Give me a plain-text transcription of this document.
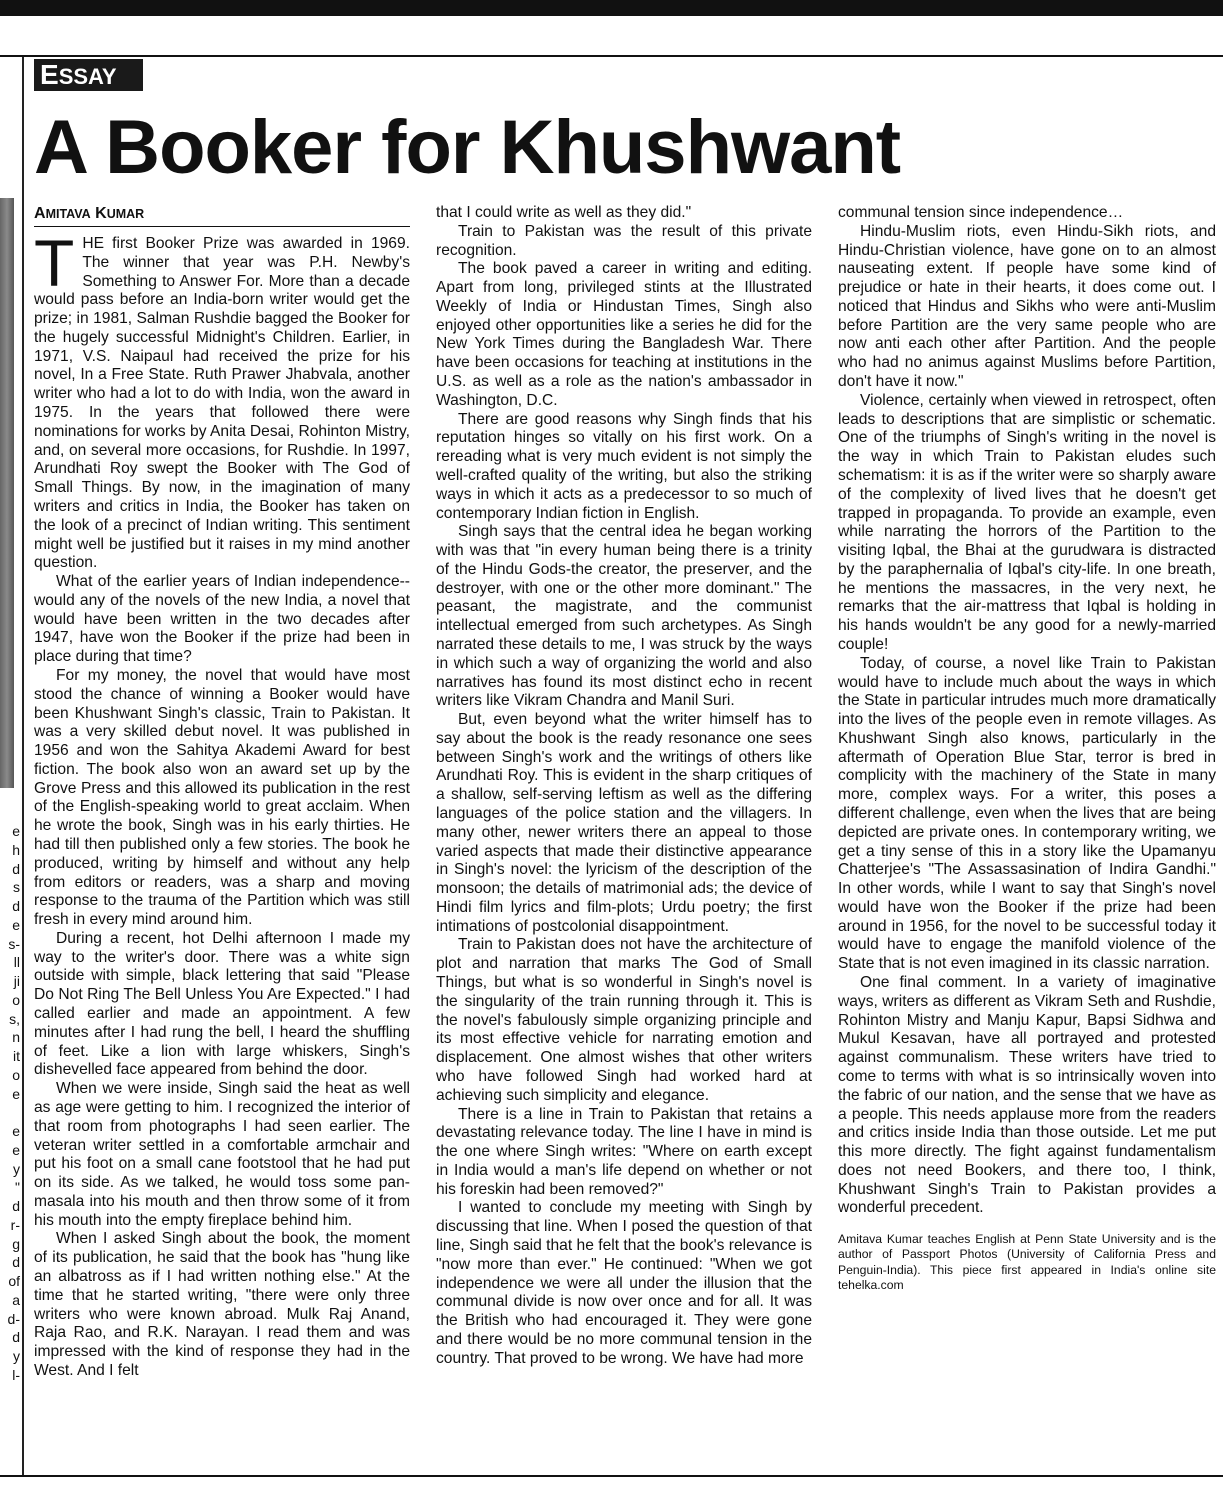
e
h
d
s
d
e
s-
ll
ji
o
s,
n
it
o
e
e
e
y
"
d
r-
g
d
of
a
d-
d
y
l-
ESSAY
A Booker for Khushwant
AMITAVA KUMAR

THE first Booker Prize was awarded in 1969. The winner that year was P.H. Newby's Something to Answer For. More than a decade would pass before an India-born writer would get the prize; in 1981, Salman Rushdie bagged the Booker for the hugely successful Midnight's Children. Earlier, in 1971, V.S. Naipaul had received the prize for his novel, In a Free State. Ruth Prawer Jhabvala, another writer who had a lot to do with India, won the award in 1975. In the years that followed there were nominations for works by Anita Desai, Rohinton Mistry, and, on several more occasions, for Rushdie. In 1997, Arundhati Roy swept the Booker with The God of Small Things. By now, in the imagination of many writers and critics in India, the Booker has taken on the look of a precinct of Indian writing. This sentiment might well be justified but it raises in my mind another question.

What of the earlier years of Indian independence--would any of the novels of the new India, a novel that would have been written in the two decades after 1947, have won the Booker if the prize had been in place during that time?

For my money, the novel that would have most stood the chance of winning a Booker would have been Khushwant Singh's classic, Train to Pakistan. It was a very skilled debut novel. It was published in 1956 and won the Sahitya Akademi Award for best fiction. The book also won an award set up by the Grove Press and this allowed its publication in the rest of the English-speaking world to great acclaim. When he wrote the book, Singh was in his early thirties. He had till then published only a few stories. The book he produced, writing by himself and without any help from editors or readers, was a sharp and moving response to the trauma of the Partition which was still fresh in every mind around him.

During a recent, hot Delhi afternoon I made my way to the writer's door. There was a white sign outside with simple, black lettering that said "Please Do Not Ring The Bell Unless You Are Expected." I had called earlier and made an appointment. A few minutes after I had rung the bell, I heard the shuffling of feet. Like a lion with large whiskers, Singh's dishevelled face appeared from behind the door.

When we were inside, Singh said the heat as well as age were getting to him. I recognized the interior of that room from photographs I had seen earlier. The veteran writer settled in a comfortable armchair and put his foot on a small cane footstool that he had put on its side. As we talked, he would toss some pan-masala into his mouth and then throw some of it from his mouth into the empty fireplace behind him.

When I asked Singh about the book, the moment of its publication, he said that the book has "hung like an albatross as if I had written nothing else." At the time that he started writing, "there were only three writers who were known abroad. Mulk Raj Anand, Raja Rao, and R.K. Narayan. I read them and was impressed with the kind of response they had in the West. And I felt

that I could write as well as they did."

Train to Pakistan was the result of this private recognition.

The book paved a career in writing and editing. Apart from long, privileged stints at the Illustrated Weekly of India or Hindustan Times, Singh also enjoyed other opportunities like a series he did for the New York Times during the Bangladesh War. There have been occasions for teaching at institutions in the U.S. as well as a role as the nation's ambassador in Washington, D.C.

There are good reasons why Singh finds that his reputation hinges so vitally on his first work. On a rereading what is very much evident is not simply the well-crafted quality of the writing, but also the striking ways in which it acts as a predecessor to so much of contemporary Indian fiction in English.

Singh says that the central idea he began working with was that "in every human being there is a trinity of the Hindu Gods-the creator, the preserver, and the destroyer, with one or the other more dominant." The peasant, the magistrate, and the communist intellectual emerged from such archetypes. As Singh narrated these details to me, I was struck by the ways in which such a way of organizing the world and also narratives has found its most distinct echo in recent writers like Vikram Chandra and Manil Suri.

But, even beyond what the writer himself has to say about the book is the ready resonance one sees between Singh's work and the writings of others like Arundhati Roy. This is evident in the sharp critiques of a shallow, self-serving leftism as well as the differing languages of the police station and the villagers. In many other, newer writers there an appeal to those varied aspects that made their distinctive appearance in Singh's novel: the lyricism of the description of the monsoon; the details of matrimonial ads; the device of Hindi film lyrics and film-plots; Urdu poetry; the first intimations of postcolonial disappointment.

Train to Pakistan does not have the architecture of plot and narration that marks The God of Small Things, but what is so wonderful in Singh's novel is the singularity of the train running through it. This is the novel's fabulously simple organizing principle and its most effective vehicle for narrating emotion and displacement. One almost wishes that other writers who have followed Singh had worked hard at achieving such simplicity and elegance.

There is a line in Train to Pakistan that retains a devastating relevance today. The line I have in mind is the one where Singh writes: "Where on earth except in India would a man's life depend on whether or not his foreskin had been removed?"

I wanted to conclude my meeting with Singh by discussing that line. When I posed the question of that line, Singh said that he felt that the book's relevance is "now more than ever." He continued: "When we got independence we were all under the illusion that the communal divide is now over once and for all. It was the British who had encouraged it. They were gone and there would be no more communal tension in the country. That proved to be wrong. We have had more

communal tension since independence…

Hindu-Muslim riots, even Hindu-Sikh riots, and Hindu-Christian violence, have gone on to an almost nauseating extent. If people have some kind of prejudice or hate in their hearts, it does come out. I noticed that Hindus and Sikhs who were anti-Muslim before Partition are the very same people who are now anti each other after Partition. And the people who had no animus against Muslims before Partition, don't have it now."

Violence, certainly when viewed in retrospect, often leads to descriptions that are simplistic or schematic. One of the triumphs of Singh's writing in the novel is the way in which Train to Pakistan eludes such schematism: it is as if the writer were so sharply aware of the complexity of lived lives that he doesn't get trapped in propaganda. To provide an example, even while narrating the horrors of the Partition to the visiting Iqbal, the Bhai at the gurudwara is distracted by the paraphernalia of Iqbal's city-life. In one breath, he mentions the massacres, in the very next, he remarks that the air-mattress that Iqbal is holding in his hands wouldn't be any good for a newly-married couple!

Today, of course, a novel like Train to Pakistan would have to include much about the ways in which the State in particular intrudes much more dramatically into the lives of the people even in remote villages. As Khushwant Singh also knows, particularly in the aftermath of Operation Blue Star, terror is bred in complicity with the machinery of the State in many more, complex ways. For a writer, this poses a different challenge, even when the lives that are being depicted are private ones. In contemporary writing, we get a tiny sense of this in a story like the Upamanyu Chatterjee's "The Assassasination of Indira Gandhi." In other words, while I want to say that Singh's novel would have won the Booker if the prize had been around in 1956, for the novel to be successful today it would have to engage the manifold violence of the State that is not even imagined in its classic narration.

One final comment. In a variety of imaginative ways, writers as different as Vikram Seth and Rushdie, Rohinton Mistry and Manju Kapur, Bapsi Sidhwa and Mukul Kesavan, have all portrayed and protested against communalism. These writers have tried to come to terms with what is so intrinsically woven into the fabric of our nation, and the sense that we have as a people. This needs applause more from the readers and critics inside India than those outside. Let me put this more directly. The fight against fundamentalism does not need Bookers, and there too, I think, Khushwant Singh's Train to Pakistan provides a wonderful precedent.

Amitava Kumar teaches English at Penn State University and is the author of Passport Photos (University of California Press and Penguin-India). This piece first appeared in India's online site tehelka.com
